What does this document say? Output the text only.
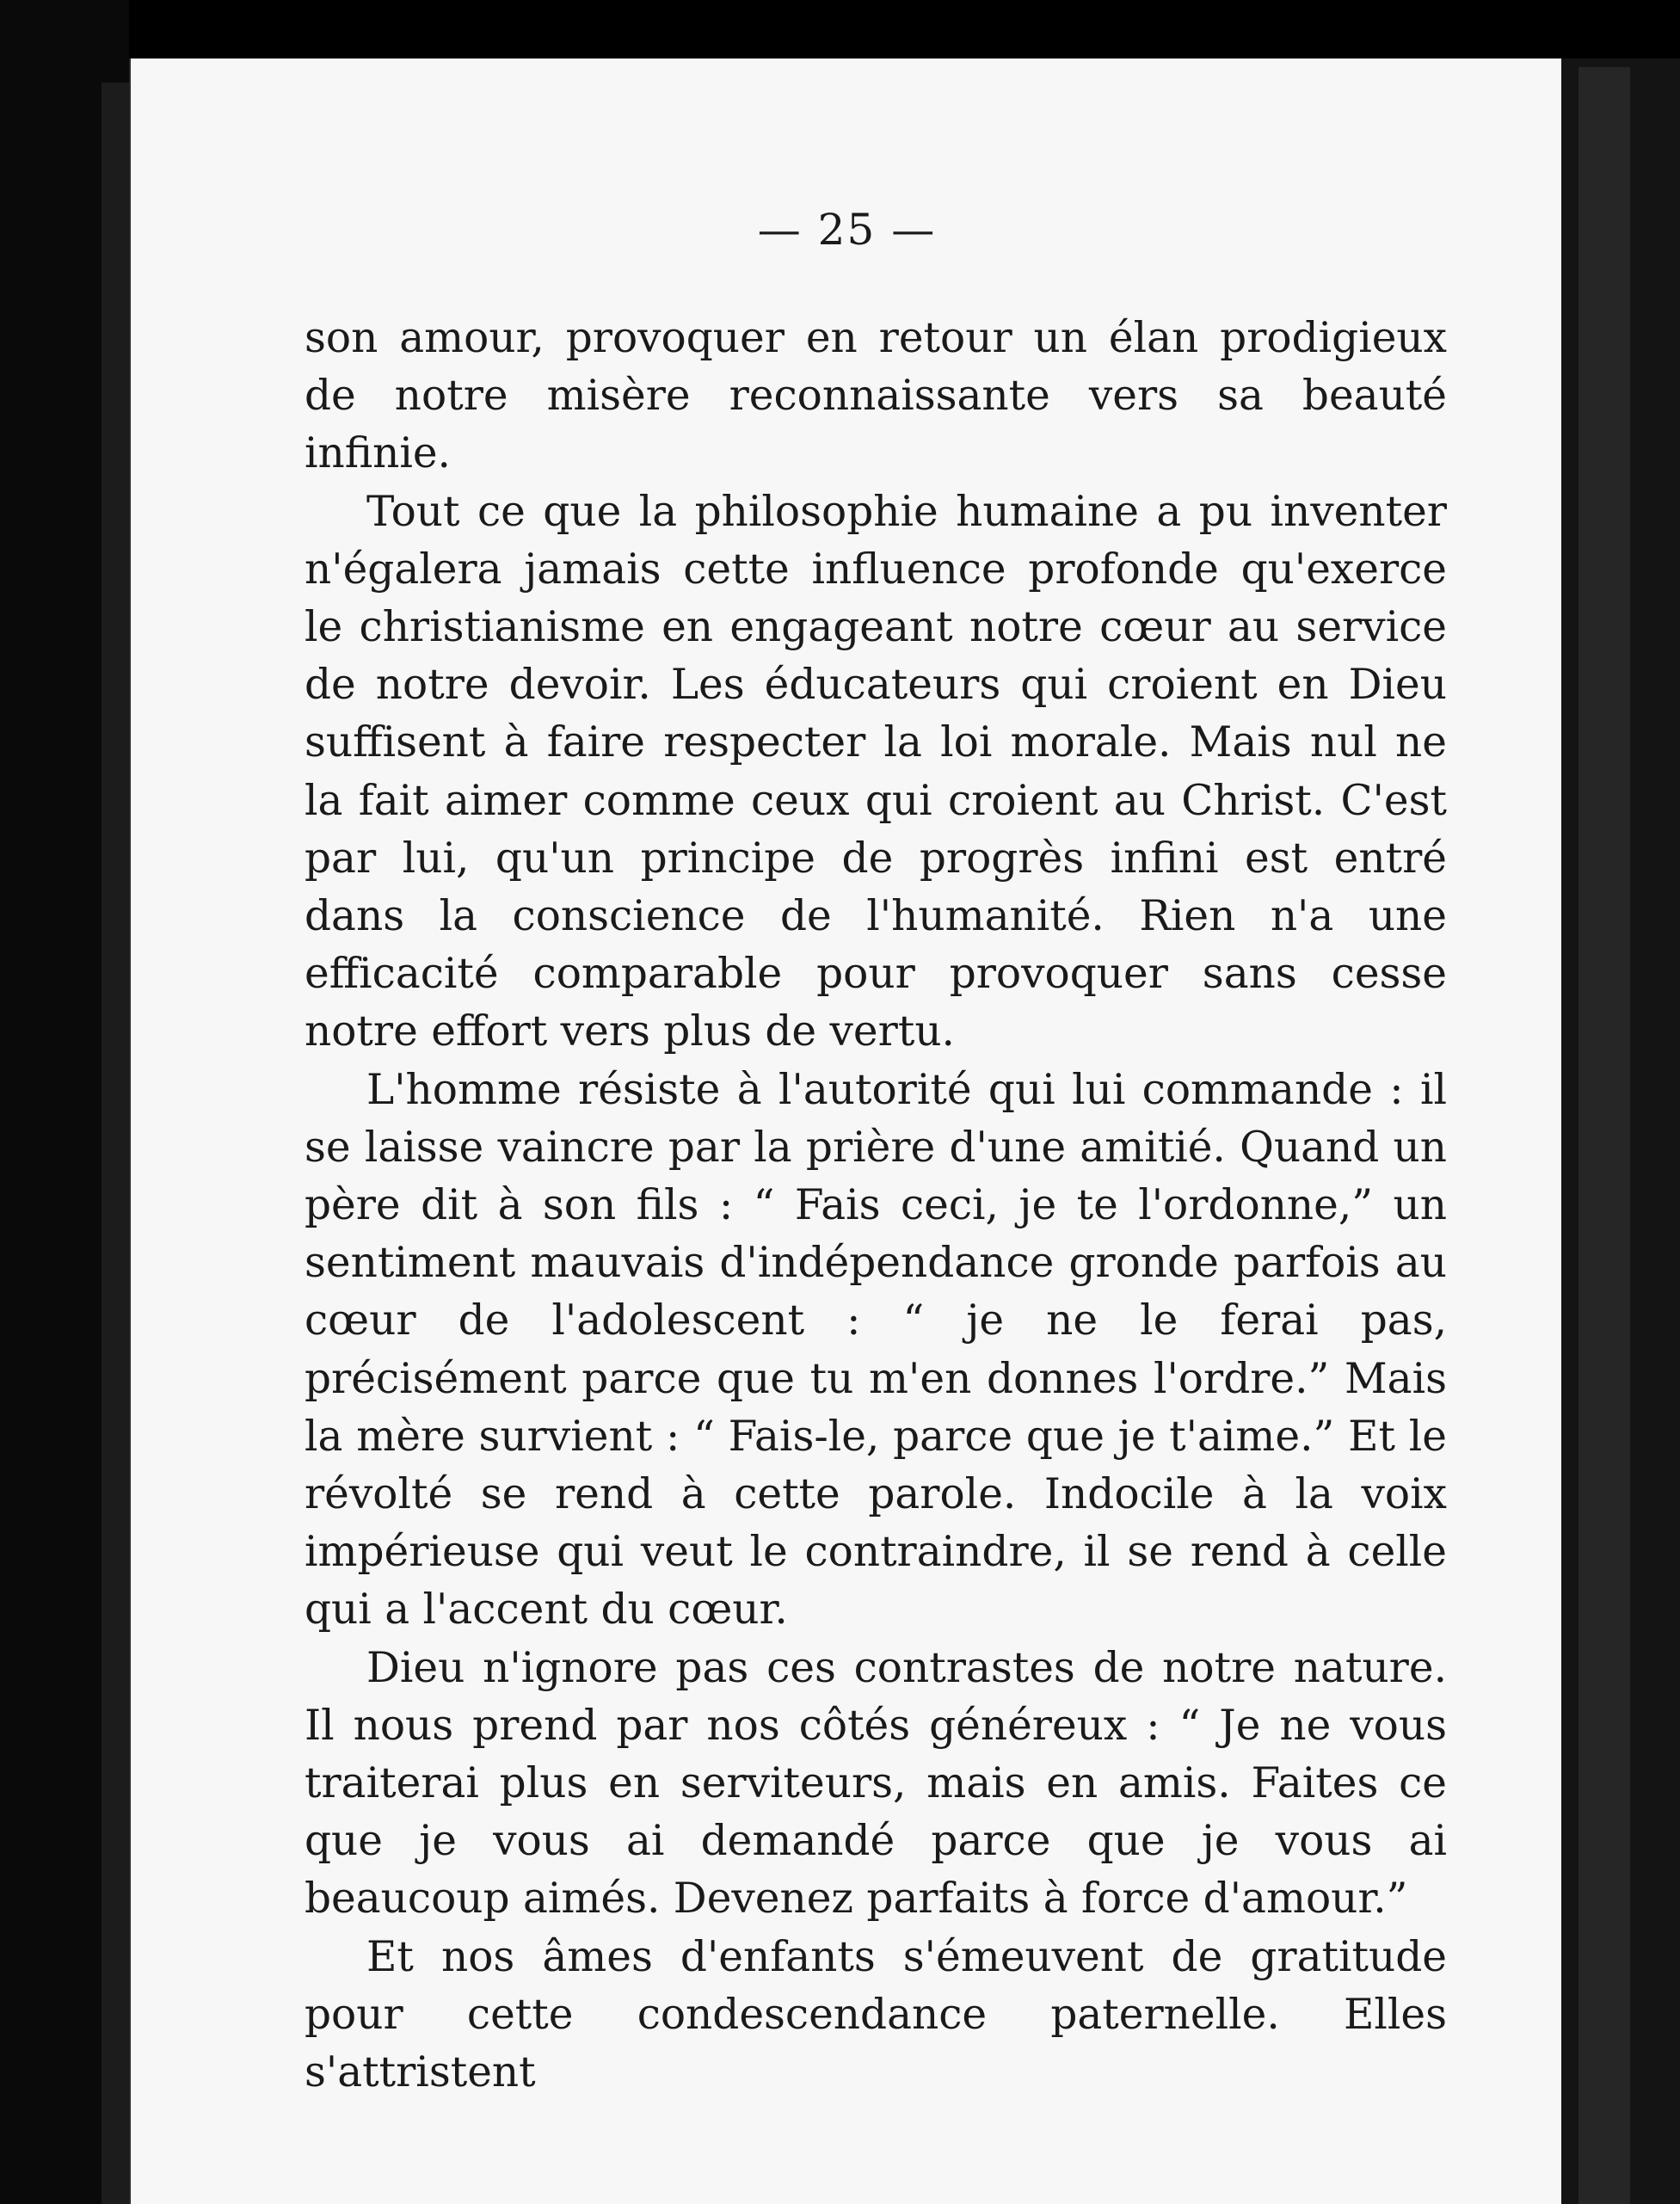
— 25 —

son amour, provoquer en retour un élan prodigieux de notre misère reconnaissante vers sa beauté infinie.

Tout ce que la philosophie humaine a pu inventer n'égalera jamais cette influence profonde qu'exerce le christianisme en engageant notre cœur au service de notre devoir. Les éducateurs qui croient en Dieu suffisent à faire respecter la loi morale. Mais nul ne la fait aimer comme ceux qui croient au Christ. C'est par lui, qu'un principe de progrès infini est entré dans la conscience de l'humanité. Rien n'a une efficacité comparable pour provoquer sans cesse notre effort vers plus de vertu.

L'homme résiste à l'autorité qui lui commande : il se laisse vaincre par la prière d'une amitié. Quand un père dit à son fils : “ Fais ceci, je te l'ordonne,” un sentiment mauvais d'indépendance gronde parfois au cœur de l'adolescent : “ je ne le ferai pas, précisément parce que tu m'en donnes l'ordre.” Mais la mère survient : “ Fais-le, parce que je t'aime.” Et le révolté se rend à cette parole. Indocile à la voix impérieuse qui veut le contraindre, il se rend à celle qui a l'accent du cœur.

Dieu n'ignore pas ces contrastes de notre nature. Il nous prend par nos côtés généreux : “ Je ne vous traiterai plus en serviteurs, mais en amis. Faites ce que je vous ai demandé parce que je vous ai beaucoup aimés. Devenez parfaits à force d'amour.”

Et nos âmes d'enfants s'émeuvent de gratitude pour cette condescendance paternelle. Elles s'attristent
